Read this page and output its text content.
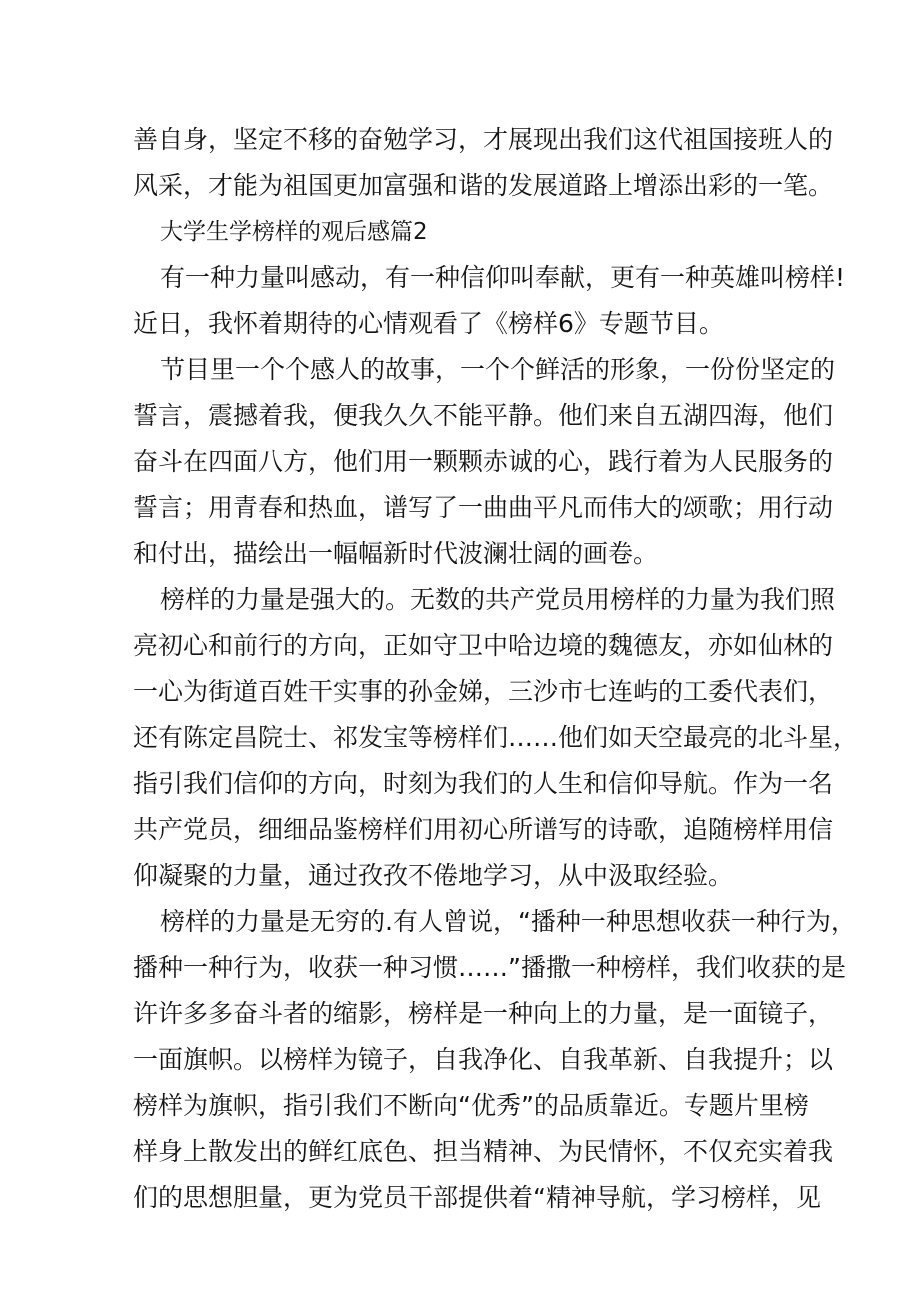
善自身，坚定不移的奋勉学习，才展现出我们这代祖国接班人的
风采，才能为祖国更加富强和谐的发展道路上增添出彩的一笔。
大学生学榜样的观后感篇2
有一种力量叫感动，有一种信仰叫奉献，更有一种英雄叫榜样!
近日，我怀着期待的心情观看了《榜样6》专题节目。
节目里一个个感人的故事，一个个鲜活的形象，一份份坚定的
誓言，震撼着我，便我久久不能平静。他们来自五湖四海，他们
奋斗在四面八方，他们用一颗颗赤诚的心，践行着为人民服务的
誓言；用青春和热血，谱写了一曲曲平凡而伟大的颂歌；用行动
和付出，描绘出一幅幅新时代波澜壮阔的画卷。
榜样的力量是强大的。无数的共产党员用榜样的力量为我们照
亮初心和前行的方向，正如守卫中哈边境的魏德友，亦如仙林的
一心为街道百姓干实事的孙金娣，三沙市七连屿的工委代表们，
还有陈定昌院士、祁发宝等榜样们……他们如天空最亮的北斗星，
指引我们信仰的方向，时刻为我们的人生和信仰导航。作为一名
共产党员，细细品鉴榜样们用初心所谱写的诗歌，追随榜样用信
仰凝聚的力量，通过孜孜不倦地学习，从中汲取经验。
榜样的力量是无穷的.有人曾说，“播种一种思想收获一种行为，
播种一种行为，收获一种习惯……”播撒一种榜样，我们收获的是
许许多多奋斗者的缩影，榜样是一种向上的力量，是一面镜子，
一面旗帜。以榜样为镜子，自我净化、自我革新、自我提升；以
榜样为旗帜，指引我们不断向“优秀”的品质靠近。专题片里榜
样身上散发出的鲜红底色、担当精神、为民情怀，不仅充实着我
们的思想胆量，更为党员干部提供着“精神导航，学习榜样，见
